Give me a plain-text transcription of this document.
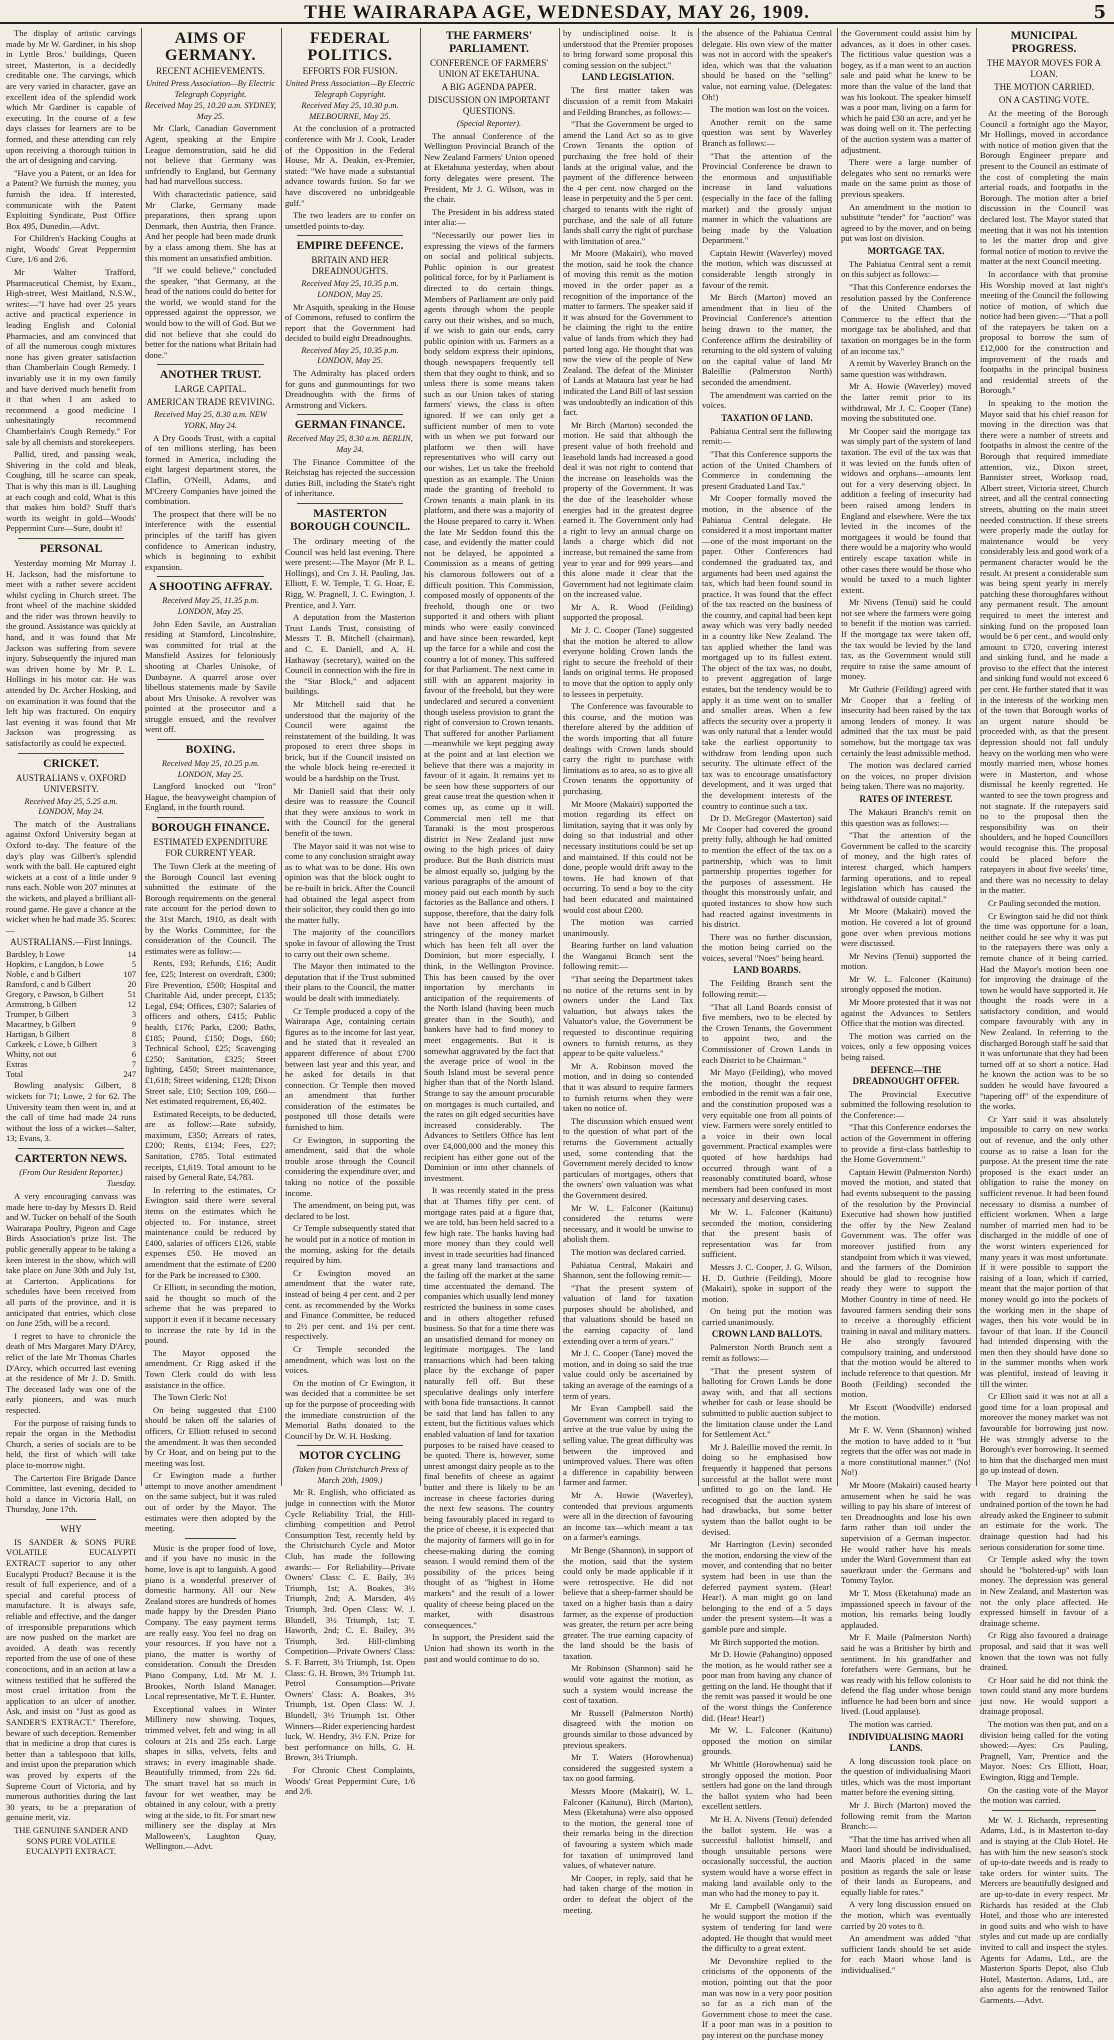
THE WAIRARAPA AGE, WEDNESDAY, MAY 26, 1909.	5

The display of artistic carvings made by Mr W. Gardiner, in his shop in Lyttle Bros.' buildings, Queen street, Masterton, is a decidedly creditable one. The carvings, which are very varied in character, gave an excellent idea of the splendid work which Mr Gardiner is capable of executing. In the course of a few days classes for learners are to be formed, and these attending can rely upon receiving a thorough tuition in the art of designing and carving.

"Have you a Patent, or an Idea for a Patent? We furnish the money, you furnish the idea. If interested, communicate with the Patent Exploiting Syndicate, Post Office Box 495, Dunedin.—Advt.

For Children's Hacking Coughs at night, Woods' Great Peppermint Cure, 1/6 and 2/6.

Mr Walter Trafford, Pharmaceutical Chemist, by Exam., High-street, West Maitland, N.S.W., writes:—"I have had over 25 years active and practical experience in leading English and Colonial Pharmacies, and am convinced that of all the numerous cough mixtures none has given greater satisfaction than Chamberlain Cough Remedy. I invariably use it in my own family and have derived much benefit from it that when I am asked to recommend a good medicine I unhesitatingly recommend Chamberlain's Cough Remedy." For sale by all chemists and storekeepers.

Pallid, tired, and passing weak, Shivering in the cold and bleak, Coughing, till he scarce can speak, That is why this man is ill. Laughing at each cough and cold, What is this that makes him bold? Stuff that's worth its weight in gold—Woods' Peppermint Cure—Sure, doubt it!

PERSONAL

Yesterday morning Mr Murray J. H. Jackson, had the misfortune to meet with a rather severe accident whilst cycling in Church street. The front wheel of the machine skidded and the rider was thrown heavily to the ground. Assistance was quickly at hand, and it was found that Mr Jackson was suffering from severe injury. Subsequently the injured man was driven home by Mr P. L. Hollings in his motor car. He was attended by Dr. Archer Hosking, and on examination it was found that the left hip was fractured. On enquiry last evening it was found that Mr Jackson was progressing as satisfactorily as could be expected.

CRICKET.
AUSTRALIANS v. OXFORD UNIVERSITY.
Received May 25, 5.25 a.m. LONDON, May 24.

The match of the Australians against Oxford University began at Oxford to-day. The feature of the day's play was Gilbert's splendid work with the ball. He captured eight wickets at a cost of a little under 9 runs each. Noble won 207 minutes at the wickets, and played a brilliant all-round game. He gave a chance at the wicket when he had made 35. Scores:—

AUSTRALIANS.—First Innings.
Bardsley, b Lowe	14
Hopkins, c Langdon, b Lowe	5
Noble, c and b Gilbert	107
Ransford, c and b Gilbert	20
Gregory, c Pawson, b Gilbert	51
Armstrong, b Gilbert	12
Trumper, b Gilbert	3
Macartney, b Gilbert	9
Hartigan, b Gilbert	8
Carkeek, c Lowe, b Gilbert	3
Whitty, not out	6
Extras	7
Total	247

Bowling analysis: Gilbert, 8 wickets for 71; Lowe, 2 for 62. The University team then went in, and at the call of time had made 24 runs without the loss of a wicket—Salter, 13; Evans, 3.

CARTERTON NEWS.
(From Our Resident Reporter.)
Tuesday.

A very encouraging canvass was made here to-day by Messrs D. Reid and W. Tucker on behalf of the South Wairarapa Poultry, Pigeon and Cage Birds Association's prize list. The public generally appear to be taking a keen interest in the show, which will take place on June 30th and July 1st, at Carterton. Applications for schedules have been received from all parts of the province, and it is anticipated that entries, which close on June 25th, will be a record.

I regret to have to chronicle the death of Mrs Margaret Mary D'Arcy, relict of the late Mr Thomas Charles D'Arcy, which occurred last evening at the residence of Mr J. D. Smith. The deceased lady was one of the early pioneers, and was much respected.

For the purpose of raising funds to repair the organ in the Methodist Church, a series of socials are to be held, the first of which will take place to-morrow night.

The Carterton Fire Brigade Dance Committee, last evening, decided to hold a dance in Victoria Hall, on Thursday, June 17th.

WHY

IS SANDER & SONS PURE VOLATILE EUCALYPTI EXTRACT superior to any other Eucalypti Product? Because it is the result of full experience, and of a special and careful process of manufacture. It is always safe, reliable and effective, and the danger of irresponsible preparations which are now pushed on the market are avoided. A death was recently reported from the use of one of these concoctions, and in an action at law a witness testified that he suffered the most cruel irritation from the application to an ulcer of another. Ask, and insist on "Just as good as SANDER'S EXTRACT." Therefore, beware of such deception. Remember that in medicine a drop that cures is better than a tablespoon that kills, and insist upon the preparation which was proved by experts of the Supreme Court of Victoria, and by numerous authorities during the last 30 years, to be a preparation of genuine merit, viz.

THE GENUINE SANDER AND SONS PURE VOLATILE EUCALYPTI EXTRACT.

AIMS OF GERMANY.
RECENT ACHIEVEMENTS.
United Press Association—By Electric Telegraph Copyright.
Received May 25, 10.20 a.m. SYDNEY, May 25.

Mr Clark, Canadian Government Agent, speaking at the Empire League demonstration, said he did not believe that Germany was unfriendly to England, but Germany had had marvellous success.

With characteristic patience, said Mr Clarke, Germany made preparations, then sprang upon Denmark, then Austria, then France. And her people had been made drunk by a class among them. She has at this moment an unsatisfied ambition.

"If we could believe," concluded the speaker, "that Germany, at the head of the nations could do better for the world, we would stand for the oppressed against the oppressor, we would bow to the will of God. But we did not believe that she could do better for the nations what Britain had done."

ANOTHER TRUST.
LARGE CAPITAL.
AMERICAN TRADE REVIVING.
Received May 25, 8.30 a.m. NEW YORK, May 24.

A Dry Goods Trust, with a capital of ten millions sterling, has been formed in America, including the eight largest department stores, the Claflin, O'Neill, Adams, and M'Creery Companies have joined the combination.

The prospect that there will be no interference with the essential principles of the tariff has given confidence to American industry, which is beginning to exhibit expansion.

A SHOOTING AFFRAY.
Received May 25, 11.35 p.m. LONDON, May 25.

John Eden Savile, an Australian residing at Stamford, Lincolnshire, was committed for trial at the Mansfield Assizes for feloniously shooting at Charles Unisoke, of Dunbayne. A quarrel arose over libellous statements made by Savile about Mrs Unisoke. A revolver was pointed at the prosecutor and a struggle ensued, and the revolver went off.

BOXING.
Received May 25, 10.25 p.m. LONDON, May 25.

Langford knocked out "Iron" Hague, the heavyweight champion of England, in the fourth round.

BOROUGH FINANCE.
ESTIMATED EXPENDITURE FOR CURRENT YEAR.

The Town Clerk at the meeting of the Borough Council last evening submitted the estimate of the Borough requirements on the general rate account for the period down to the 31st March, 1910, as dealt with by the Works Committee, for the consideration of the Council. The estimates were as follow:—

Rents, £93; Refunds, £16; Audit fee, £25; Interest on overdraft, £300; Fire Prevention, £500; Hospital and Charitable Aid, under precept, £135; Legal, £94; Offices, £307; Salaries of officers and others, £415; Public health, £176; Parks, £200; Baths, £185; Pound, £150; Dogs, £60; Technical School, £25; Scavenging £250; Sanitation, £325; Street lighting, £450; Street maintenance, £1,618; Street widening, £128; Dixon Street sale, £10; Section 109, £60—Net estimated requirement, £6,402.

Estimated Receipts, to be deducted, are as follow:—Rate subsidy, maximum, £350; Arrears of rates, £200; Rents, £134; Fees, £27; Sanitation, £785. Total estimated receipts, £1,619. Total amount to be raised by General Rate, £4,783.

In referring to the estimates, Cr Ewington said there were several items on the estimates which he objected to. For instance, street maintenance could be reduced by £400, salaries of officers £126, stable expenses £50. He moved an amendment that the estimate of £200 for the Park be increased to £300.

Cr Elliott, in seconding the motion, said he thought so much of the scheme that he was prepared to support it even if it became necessary to increase the rate by 1d in the pound.

The Mayor opposed the amendment. Cr Rigg asked if the Town Clerk could do with less assistance in the office.

The Town Clerk: No!

On being suggested that £100 should be taken off the salaries of officers, Cr Elliott refused to second the amendment. It was then seconded by Cr Hoar, and on being put to the meeting was lost.

Cr Ewington made a further attempt to move another amendment on the same subject, but it was ruled out of order by the Mayor. The estimates were then adopted by the meeting.

Music is the proper food of love, and if you have no music in the home, love is apt to languish. A good piano is a wonderful preserver of domestic harmony. All our New Zealand stores are hundreds of homes made happy by the Dresden Piano Company. The easy payment terms are really easy. You feel no drag on your resources. If you have not a piano, the matter is worthy of consideration. Consult the Dresden Piano Company, Ltd. Mr M. J. Brookes, North Island Manager. Local representative, Mr T. E. Hunter.

Exceptional values in Winter Millinery now showing. Toques, trimmed velvet, felt and wing; in all colours at 21s and 25s each. Large shapes in silks, velvets, felts and straws; in every imaginable shade. Beautifully trimmed, from 22s 6d. The smart travel hat so much in favour for wet weather, may be obtained in any colour, with a pretty wing at the side, to fit. For smart new millinery see the display at Mrs Malloween's, Laughton Quay, Wellington.—Advt.

FEDERAL POLITICS.
EFFORTS FOR FUSION.
United Press Association—By Electric Telegraph Copyright.
Received May 25, 10.30 p.m. MELBOURNE, May 25.

At the conclusion of a protracted conference with Mr J. Cook, Leader of the Opposition in the Federal House, Mr A. Deakin, ex-Premier, stated: "We have made a substantial advance towards fusion. So far we have discovered no unbridgeable gulf."

The two leaders are to confer on unsettled points to-day.

EMPIRE DEFENCE.
BRITAIN AND HER DREADNOUGHTS.
Received May 25, 10.35 p.m. LONDON, May 25.

Mr Asquith, speaking in the House of Commons, refused to confirm the report that the Government had decided to build eight Dreadnoughts.

Received May 25, 10.35 p.m. LONDON, May 25.

The Admiralty has placed orders for guns and gunmountings for two Dreadnoughts with the firms of Armstrong and Vickers.

GERMAN FINANCE.
Received May 25, 8.30 a.m. BERLIN, May 24.

The Finance Committee of the Reichstag has rejected the succession duties Bill, including the State's right of inheritance.

MASTERTON BOROUGH COUNCIL.

The ordinary meeting of the Council was held last evening. There were present:—The Mayor (Mr P. L. Hollings), and Crs J. H. Pauling, Jas. Elliott, F. W. Temple, T. G. Hoar, E. Rigg, W. Pragnell, J. C. Ewington, J. Prentice, and J. Yarr.

A deputation from the Masterton Trust Lands Trust, consisting of Messrs T. B. Mitchell (chairman), and C. E. Daniell, and A. H. Hathaway (secretary), waited on the Council in connection with the fire in the "Star Block," and adjacent buildings.

Mr Mitchell said that he understood that the majority of the Council were against the reinstatement of the building. It was proposed to erect three shops in brick, but if the Council insisted on the whole block being re-erected it would be a hardship on the Trust.

Mr Daniell said that their only desire was to reassure the Council that they were anxious to work in with the Council for the general benefit of the town.

The Mayor said it was not wise to come to any conclusion straight away as to what was to be done. His own opinion was that the block ought to be re-built in brick. After the Council had obtained the legal aspect from their solicitor, they could then go into the matter fully.

The majority of the councillors spoke in favour of allowing the Trust to carry out their own scheme.

The Mayor then intimated to the deputation that if the Trust submitted their plans to the Council, the matter would be dealt with immediately.

Cr Temple produced a copy of the Wairarapa Age, containing certain figures as to the income for last year, and he stated that it revealed an apparent difference of about £700 between last year and this year, and he asked for details in that connection. Cr Temple then moved an amendment that further consideration of the estimates be postponed till those details were furnished to him.

Cr Ewington, in supporting the amendment, said that the whole trouble arose through the Council considering the expenditure over, and taking no notice of the possible income.

The amendment, on being put, was declared to be lost.

Cr Temple subsequently stated that he would put in a notice of motion in the morning, asking for the details required by him.

Cr Ewington moved an amendment that the water rate, instead of being 4 per cent. and 2 per cent. as recommended by the Works and Finance Committee, be reduced to 2½ per cent. and 1¼ per cent. respectively.

Cr Temple seconded the amendment, which was lost on the voices.

On the motion of Cr Ewington, it was decided that a committee be set up for the purpose of proceeding with the immediate construction of the Memorial Baths donated to the Council by Dr. W. H. Hosking.

MOTOR CYCLING
(Taken from Christchurch Press of March 20th, 1909.)

Mr R. English, who officiated as judge in connection with the Motor Cycle Reliability Trial, the Hill-climbing competition and Petrol Consumption Test, recently held by the Christchurch Cycle and Motor Club, has made the following awards:— For Reliability—Private Owners' Class: C. E. Baily, 3½ Triumph, 1st; A. Boakes, 3½ Triumph, 2nd; A. Marsden, 4½ Triumph, 3rd. Open Class: W. J. Blundell, 3½ Triumph, 1st; T. Haworth, 2nd; C. E. Bailey, 3½ Triumph, 3rd. Hill-climbing Competition—Private Owners' Class: S. F. Barrett, 3½ Triumph, 1st. Open Class: G. H. Brown, 3½ Triumph 1st. Petrol Consumption—Private Owners' Class: A. Boakes, 3½ Triumph, 1st. Open Class: W. J. Blundell, 3½ Triumph 1st. Other Winners—Rider experiencing hardest luck, W. Hendry, 3½ F.N. Prize for best performance on hills, G. H. Brown, 3½ Triumph.

For Chronic Chest Complaints, Woods' Great Peppermint Cure, 1/6 and 2/6.

THE FARMERS' PARLIAMENT.
CONFERENCE OF FARMERS' UNION AT EKETAHUNA.
A BIG AGENDA PAPER.
DISCUSSION ON IMPORTANT QUESTIONS.
(Special Reporter).

The annual Conference of the Wellington Provincial Branch of the New Zealand Farmers' Union opened at Eketahuna yesterday, when about forty delegates were present. The President, Mr J. G. Wilson, was in the chair.

The President in his address stated inter alia:—

"Necessarily our power lies in expressing the views of the farmers on social and political subjects. Public opinion is our greatest political force, for by it Parliament is directed to do certain things. Members of Parliament are only paid agents through whom the people carry out their wishes, and so much, if we wish to gain our ends, carry public opinion with us. Farmers as a body seldom express their opinions, though newspapers frequently tell them that they ought to think, and so unless there is some means taken such as our Union takes of stating farmers' views, the class is often ignored. If we can only get a sufficient number of men to vote with us when we put forward our platform we then will have representatives who will carry out our wishes. Let us take the freehold question as an example. The Union made the granting of freehold to Crown tenants a main plank in its platform, and there was a majority of the House prepared to carry it. When the late Mr Seddon found this the case, and evidently the matter could not be delayed, he appointed a Commission as a means of getting his clamorous followers out of a difficult position. This Commission, composed mostly of opponents of the freehold, though one or two supported it and others with pliant minds who were easily convinced and have since been rewarded, kept up the farce for a while and cost the country a lot of money. This suffered for that Parliament. The next came in still with an apparent majority in favour of the freehold, but they were undeclared and secured a convenient though useless provision to grant the right of conversion to Crown tenants. That suffered for another Parliament—meanwhile we kept pegging away at the point and at last election we believe that there was a majority in favour of it again. It remains yet to be seen how these supporters of our great cause treat the question when it comes up, as come up it will. Commercial men tell me that Taranaki is the most prosperous district in New Zealand just now owing to the high prices of dairy produce. But the Bush districts must be almost equally so, judging by the various paragraphs of the amount of money paid out each month by such factories as the Ballance and others. I suppose, therefore, that the dairy folk have not been affected by the stringency of the money market which has been felt all over the Dominion, but more especially, I think, in the Wellington Province. This has been caused by the over importation by merchants in anticipation of the requirements of the North Island (having been much greater than in the South), and bankers have had to find money to meet engagements. But it is somewhat aggravated by the fact that the average price of wool in the South Island must be several pence higher than that of the North Island. Strange to say the amount procurable on mortgages is much curtailed, and the rates on gilt edged securities have increased considerably. The Advances to Settlers Office has lent over £4,000,000 and the money this recipient has either gone out of the Dominion or into other channels of investment.

It was recently stated in the press that at Thames fifty per cent. of mortgage rates paid at a figure that, we are told, has been held sacred to a few high rate. The banks having had more money than they could well invest in trade securities had financed a great many land transactions and the failing off the market at the same time accentuated the demand. The companies which usually lend money restricted the business in some cases and in others altogether refused business. So that for a time there was an unsatisfied demand for money on legitimate mortgages. The land transactions which had been taking place by the exchange of paper naturally fell off. But these speculative dealings only interfere with bona fide transactions. It cannot be said that land has fallen to any extent, but the fictitious values which enabled valuation of land for taxation purposes to be raised have ceased to be quoted. There is, however, some unrest amongst dairy people as to the final benefits of cheese as against butter and there is likely to be an increase in cheese factories during the next few seasons. The country being favourably placed in regard to the price of cheese, it is expected that the majority of farmers will go in for cheese-making during the coming season. I would remind them of the possibility of the prices being thought of as "highest in Home markets" and the result of a lower quality of cheese being placed on the market, with disastrous consequences."

In support, the President said the Union had shown its worth in the past and would continue to do so.

by undisciplined noise. It is understood that the Premier proposes to bring forward some proposal this coming session on the subject."

LAND LEGISLATION.

The first matter taken was discussion of a remit from Makairi and Feilding Branches, as follows:—

"That the Government be urged to amend the Land Act so as to give Crown Tenants the option of purchasing the free hold of their lands at the original value, and the payment of the difference between the 4 per cent. now charged on the lease in perpetuity and the 5 per cent. charged to tenants with the right of purchase, and the sale of all future lands shall carry the right of purchase with limitation of area."

Mr Moore (Makairi), who moved the motion, said he took the chance of moving this remit as the motion moved in the order paper as a recognition of the importance of the matter to farmers. The speaker said if it was absurd for the Government to be claiming the right to the entire value of lands from which they had parted long ago. He thought that was now the view of the people of New Zealand. The defeat of the Minister of Lands at Mataura last year he had indicated the Land Bill of last session was undoubtedly an indication of this fact.

Mr Birch (Marton) seconded the motion. He said that although the present value of both freehold and leasehold lands had increased a good deal it was not right to contend that the increase on leaseholds was the property of the Government. It was the due of the leaseholder whose energies had in the greatest degree earned it. The Government only had a right to levy an annual charge on lands a charge which did not increase, but remained the same from year to year and for 999 years—and this alone made it clear that the Government had not legitimate claim on the increased value.

Mr A. R. Wood (Feilding) supported the proposal.

Mr J. C. Cooper (Tane) suggested that the motion be altered to allow everyone holding Crown lands the right to secure the freehold of their lands on original terms. He proposed to move that the option to apply only to lessees in perpetuity.

The Conference was favourable to this course, and the motion was therefore altered by the addition of the words importing that all future dealings with Crown lands should carry the right to purchase with limitations as to area, so as to give all Crown tenants the opportunity of purchasing.

Mr Moore (Makairi) supported the motion regarding its effect on limitation, saying that it was only by doing so that industrial and other necessary institutions could be set up and maintained. If this could not be done, people would drift away to the towns. He had known of that occurring. To send a boy to the city had been educated and maintained would cost about £200.

The motion was carried unanimously.

Bearing further on land valuation the Wanganui Branch sent the following remit:—

"That seeing the Department takes no notice of the returns sent in by owners under the Land Tax valuation, but always takes the Valuator's value, the Government be requested to discontinue requiring owners to furnish returns, as they appear to be quite valueless."

Mr A. Robinson moved the motion, and in doing so contended that it was absurd to require farmers to furnish returns when they were taken no notice of.

The discussion which ensued went to the question of what part of the returns the Government actually used, some contending that the Government merely decided to know particulars of mortgages, others that the owners' own valuation was what the Government desired.

Mr W. L. Falconer (Kaitunu) considered the returns were necessary, and it would be unwise to abolish them.

The motion was declared carried.

Pahiatua Central, Makairi and Shannon, sent the following remit:—

"That the present system of valuation of land for taxation purposes should be abolished, and that valuations should be based on the earning capacity of land extending over a term of years."

Mr J. C. Cooper (Tane) moved the motion, and in doing so said the true value could only be ascertained by taking an average of the earnings of a term of years.

Mr Evan Campbell said the Government was correct in trying to arrive at the true value by using the selling value. The great difficulty was between the improved and unimproved values. There was often a difference in capability between farmer and farmer.

Mr A. Howie (Waverley), contended that previous arguments were all in the direction of favouring an income tax—which meant a tax on a farmer's earnings.

Mr Benge (Shannon), in support of the motion, said that the system could only be made applicable if it were retrospective. He did not believe that a sheep-farmer should be taxed on a higher basis than a dairy farmer, as the expense of production was greater, the return per acre being greater. The true earning capacity of the land should be the basis of taxation.

Mr Robinson (Shannon) said he would vote against the motion, as such a system would increase the cost of taxation.

Mr Russell (Palmerston North) disagreed with the motion on grounds similar to those advanced by previous speakers.

Mr T. Waters (Horowhenua) considered the suggested system a tax on good farming.

Messrs Moore (Makairi), W. L. Falconer (Kaitunu), Birch (Marton), Mess (Eketahuna) were also opposed to the motion, the general tone of their remarks being in the direction of favouring a system which made for taxation of unimproved land values, of whatever nature.

Mr Cooper, in reply, said that he had taken charge of the motion in order to defeat the object of the meeting.

the absence of the Pahiatua Central delegate. His own view of the matter was not in accord with the speaker's idea, which was that the valuation should be based on the "selling" value, not earning value. (Delegates: Oh!)

The motion was lost on the voices.

Another remit on the same question was sent by Waverley Branch as follows:—

"That the attention of the Provincial Conference be drawn to the enormous and unjustifiable increase in land valuations (especially in the face of the falling market) and the grossly unjust manner in which the valuations are being made by the Valuation Department."

Captain Hewitt (Waverley) moved the motion, which was discussed at considerable length strongly in favour of the remit.

Mr Birch (Marton) moved an amendment that in lieu of the Provincial Conference's attention being drawn to the matter, the Conference affirm the desirability of returning to the old system of valuing on the capital value of land Mr Baleillie (Palmerston North) seconded the amendment.

The amendment was carried on the voices.

TAXATION OF LAND.

Pahiatua Central sent the following remit:—

"That this Conference supports the action of the United Chambers of Commerce in condemning the present Graduated Land Tax."

Mr Cooper formally moved the motion, in the absence of the Pahiatua Central delegate. He considered it a most important matter—one of the most important on the paper. Other Conferences had condemned the graduated tax, and arguments had been used against the tax, which had been found sound in practice. It was found that the effect of the tax reacted on the business of the country, and capital had been kept away which was very badly needed in a country like New Zealand. The tax applied whether the land was mortgaged up to its fullest extent. The object of the tax was, no doubt, to prevent aggregation of large estates, but the tendency would be to apply it as time went on to smaller and smaller areas. When a few affects the security over a property it was only natural that a lender would take the earliest opportunity to withdraw from lending upon such security. The ultimate effect of the tax was to encourage unsatisfactory development, and it was urged that the development interests of the country to continue such a tax.

Dr D. McGregor (Masterton) said Mr Cooper had covered the ground pretty fully, although he had omitted to mention the effect of the tax on a partnership, which was to limit partnership properties together for the purposes of assessment. He thought this monstrously unfair, and quoted instances to show how such had reacted against investments in his district.

There was no further discussion, the motion being carried on the voices, several "Noes" being heard.

LAND BOARDS.

The Feilding Branch sent the following remit:—

"That all Land Boards consist of five members, two to be elected by the Crown Tenants, the Government to appoint two, and the Commissioner of Crown Lands in each District to be Chairman."

Mr Mayo (Feilding), who moved the motion, thought the request embodied in the remit was a fair one, and the constitution proposed was a very equitable one from all points of view. Farmers were sorely entitled to a voice in their own local government. Practical examples were quoted of how hardships had occurred through want of a reasonably constituted board, whose members had been confused in most necessary and deserving cases.

Mr W. L. Falconer (Kaitunu) seconded the motion, considering that the present basis of representation was far from sufficient.

Messrs J. C. Cooper, J. G. Wilson, H. D. Guthrie (Feilding), Moore (Makairi), spoke in support of the motion.

On being put the motion was carried unanimously.

CROWN LAND BALLOTS.

Palmerston North Branch sent a remit as follows:—

"That the present system of balloting for Crown Lands be done away with, and that all sections whether for cash or lease should be submitted to public auction subject to the limitation clause under the Land for Settlement Act."

Mr J. Baleillie moved the remit. In doing so he emphasised how frequently it happened that persons successful at the ballot were most unfitted to go on the land. He recognised that the auction system had drawbacks, but some better system than the ballot ought to be devised.

Mr Harrington (Levin) seconded the motion, endorsing the view of the mover, and contending that no better system had been in use than the deferred payment system. (Hear! Hear!). A man might go on land belonging to the end of a 5 days under the present system—It was a gamble pure and simple.

Mr Birch supported the motion.

Mr D. Howie (Pahangino) opposed the motion, as he would rather see a poor man from having any chance of getting on the land. He thought that if the remit was passed it would be one of the worst things the Conference did. (Hear! Hear!)

Mr W. L. Falconer (Kaitunu) opposed the motion on similar grounds.

Mr Whittle (Horowhenua) said he strongly opposed the motion. Poor settlers had gone on the land through the ballot system who had been excellent settlers.

Mr H. A. Nivens (Tenui) defended the ballot system. He was a successful ballotist himself, and though unsuitable persons were occasionally successful, the auction system would have a worse effect in making land available only to the man who had the money to pay it.

Mr E. Campbell (Wanganui) said he would support the motion if the system of tendering for land were adopted. He thought that would meet the difficulty to a great extent.

Mr Devonshire replied to the criticisms of the opponents of the motion, pointing out that the poor man was now in a very poor position so far as a rich man of the Government chose to meet the case. If a poor man was in a position to pay interest on the purchase money

the Government could assist him by advances, as it does in other cases. The fictitious value question was a bogey, as if a man went to an auction sale and paid what he knew to be more than the value of the land that was his lookout. The speaker himself was a poor man, living on a farm for which he paid £30 an acre, and yet he was doing well on it. The perfecting of the auction system was a matter of adjustment.

There were a large number of delegates who sent no remarks were made on the same point as those of previous speakers.

An amendment to the motion to substitute "tender" for "auction" was agreed to by the mover, and on being put was lost on division.

MORTGAGE TAX.

The Pahiatua Central sent a remit on this subject as follows:—

"That this Conference endorses the resolution passed by the Conference of the United Chambers of Commerce to the effect that the mortgage tax be abolished, and that taxation on mortgages be in the form of an income tax."

A remit by Waverley Branch on the same question was withdrawn.

Mr A. Howie (Waverley) moved the latter remit prior to its withdrawal, Mr J. C. Cooper (Tane) moving the substituted one.

Mr Cooper said the mortgage tax was simply part of the system of land taxation. The evil of the tax was that it was levied on the funds often of widows and orphans—amounts lent out for a very deserving object. In addition a feeling of insecurity had been raised among lenders in England and elsewhere. Were the tax levied in the incomes of the mortgagees it would be found that there would be a majority who would entirely escape taxation while in other cases there would be those who would be taxed to a much lighter extent.

Mr Nivens (Tenui) said he could not see where the farmers were going to benefit if the motion was carried. If the mortgage tax were taken off, the tax would be levied by the land tax, as the Government would still require to raise the same amount of money.

Mr Guthrie (Feilding) agreed with Mr Cooper that a feeling of insecurity had been raised by the tax among lenders of money. It was admitted that the tax must be paid somehow, but the mortgage tax was certainly the least admissible method.

The motion was declared carried on the voices, no proper division being taken. There was no majority.

RATES OF INTEREST.

The Makauri Branch's remit on this question was as follows:—

"That the attention of the Government be called to the scarcity of money, and the high rates of interest charged, which hampers farming operations, and to repeal legislation which has caused the withdrawal of outside capital."

Mr Moore (Makairi) moved the motion. He covered a lot of ground gone over when previous motions were discussed.

Mr Nevins (Tenui) supported the motion.

Mr W. L. Falconer (Kaitunu) strongly opposed the motion.

Mr Moore protested that it was not against the Advances to Settlers Office that the motion was directed.

The motion was carried on the voices, only a few opposing voices being raised.

DEFENCE—THE DREADNOUGHT OFFER.

The Provincial Executive submitted the following resolution to the Conference:—

"That this Conference endorses the action of the Government in offering to provide a first-class battleship to the Home Government."

Captain Hewitt (Palmerston North) moved the motion, and stated that had events subsequent to the passing of the resolution by the Provincial Executive had shown how justified the offer by the New Zealand Government was. The offer was moreover justified from any standpoint from which it was viewed, and the farmers of the Dominion should be glad to recognise how ready they were to support the Mother Country in time of need. He favoured farmers sending their sons to receive a thoroughly efficient training in naval and military matters. He also strongly favoured compulsory training, and understood that the motion would be altered to include reference to that question. Mr Booth (Feilding) seconded the motion.

Mr Escott (Woodville) endorsed the motion.

Mr F. W. Venn (Shannon) wished the motion to have added to it "but regrets that the offer was not made in a more constitutional manner." (No! No!)

Mr Moore (Makairi) caused hearty amusement when he said he was willing to pay his share of interest of ten Dreadnoughts and lose his own farm rather than toil under the supervision of a German inspector. He would rather have his meals under the Ward Government than eat sauerkraut under the Germans and Tommy Taylor.

Mr T. Moss (Eketahuna) made an impassioned speech in favour of the motion, his remarks being loudly applauded.

Mr F. Maile (Palmerston North) said he was a Britisher by birth and sentiment. In his grandfather and forefathers were Germans, but he was ready with his fellow colonists to defend the flag under whose benign influence he had been born and since lived. (Loud applause).

The motion was carried.

INDIVIDUALISING MAORI LANDS.

A long discussion took place on the question of individualising Maori titles, which was the most important matter before the evening sitting.

Mr J. Birch (Marton) moved the following remit from the Marton Branch:—

"That the time has arrived when all Maori land should be individualised, and Maoris placed in the same position as regards the sale or lease of their lands as Europeans, and equally liable for rates."

A very long discussion ensued on the motion, which was eventually carried by 20 votes to 8.

An amendment was added "that sufficient lands should be set aside for each Maori whose land is individualised."

MUNICIPAL PROGRESS.
THE MAYOR MOVES FOR A LOAN.
THE MOTION CARRIED.
ON A CASTING VOTE.

At the meeting of the Borough Council a fortnight ago the Mayor, Mr Hollings, moved in accordance with notice of motion given that the Borough Engineer prepare and present to the Council an estimate of the cost of completing the main arterial roads, and footpaths in the Borough. The motion after a brief discussion in the Council was declared lost. The Mayor stated that meeting that it was not his intention to let the matter drop and give formal notice of motion to revive the matter at the next Council meeting.

In accordance with that promise His Worship moved at last night's meeting of the Council the following notice of motion, of which due notice had been given:—"That a poll of the ratepayers be taken on a proposal to borrow the sum of £12,000 for the construction and improvement of the roads and footpaths in the principal business and residential streets of the Borough."

In speaking to the motion the Mayor said that his chief reason for moving in the direction was that there were a number of streets and footpaths in almost the centre of the Borough that required immediate attention, viz., Dixon street, Bannister street, Worksop road, Albert street, Victoria street, Church street, and all the central connecting streets, abutting on the main street needed construction. If these streets were properly made the outlay for maintenance would be very considerably less and good work of a permanent character would be the result. At present a considerable sum was being spent yearly in merely patching these thoroughfares without any permanent result. The amount required to meet the interest and sinking fund on the proposed loan would be 6 per cent., and would only amount to £720, covering interest and sinking fund, and he made a proviso to the effect that the interest and sinking fund would not exceed 6 per cent. He further stated that it was in the interests of the working men of the town that Borough works of an urgent nature should be proceeded with, as that the present depression should not fall unduly heavy on the working men who were mostly married men, whose homes were in Masterton, and whose dismissal he keenly regretted. He wanted to see the town progress and not stagnate. If the ratepayers said no to the proposal then the responsibility was on their shoulders, and he hoped Councillors would recognise this. The proposal could be placed before the ratepayers in about five weeks' time, and there was no necessity to delay in the matter.

Cr Pauling seconded the motion.

Cr Ewington said he did not think the time was opportune for a loan, neither could he see why it was put to the ratepayers there was only a remote chance of it being carried. Had the Mayor's motion been one for improving the drainage of the town he would have supported it. He thought the roads were in a satisfactory condition, and would compare favourably with any in New Zealand. In referring to the discharged Borough staff he said that it was unfortunate that they had been turned off at so short a notice. Had he known the action was to be so sudden he would have favoured a "tapering off" of the expenditure of the works.

Cr Yarr said it was absolutely impossible to carry on new works out of revenue, and the only other course as to raise a loan for the purpose. At the present time the rate proposed is the exact under an obligation to raise the money on sufficient revenue. It had been found necessary to dismiss a number of efficient workmen. When a large number of married men had to be discharged in the middle of one of the worst winters experienced for many years it was most unfortunate. If it were possible to support the raising of a loan, which if carried, meant that the major portion of that money would go into the pockets of the working men in the shape of wages, then his vote would be in favour of that loan. If the Council had intended dispensing with the men then they should have done so in the summer months when work was plentiful, instead of leaving it till the winter.

Cr Elliott said it was not at all a good time for a loan proposal and moreover the money market was not favourable for borrowing just now. He was strongly adverse to the Borough's ever borrowing. It seemed to him that the discharged men must go up instead of down.

The Mayor here pointed out that with regard to draining the undrained portion of the town he had already asked the Engineer to submit an estimate for the work. The drainage question had had his serious consideration for some time.

Cr Temple asked why the town should be "bolstered-up" with loan money. The depression was general in New Zealand, and Masterton was not the only place affected. He expressed himself in favour of a drainage scheme.

Cr Rigg also favoured a drainage proposal, and said that it was well known that the town was not fully drained.

Cr Hoar said he did not think the town could stand any more burdens just now. He would support a drainage proposal.

The motion was then put, and on a division being called for the voting showed:—Ayes: Crs Pauling, Pragnell, Yarr, Prentice and the Mayor. Noes: Crs Elliott, Hoar, Ewington, Rigg and Temple.

On the casting vote of the Mayor the motion was carried.

Mr W. J. Richards, representing Adams, Ltd., is in Masterton to-day and is staying at the Club Hotel. He has with him the new season's stock of up-to-date tweeds and is ready to take orders for winter suits. The Mercers are beautifully designed and are up-to-date in every respect. Mr Richards has resided at the Club Hotel, and those who are interested in good suits and who wish to have styles and cut made up are cordially invited to call and inspect the styles. Agents for Adams, Ltd., are the Masterton Sports Depot, also Club Hotel, Masterton. Adams, Ltd., are also agents for the renowned Tailor Garments.—Advt.
